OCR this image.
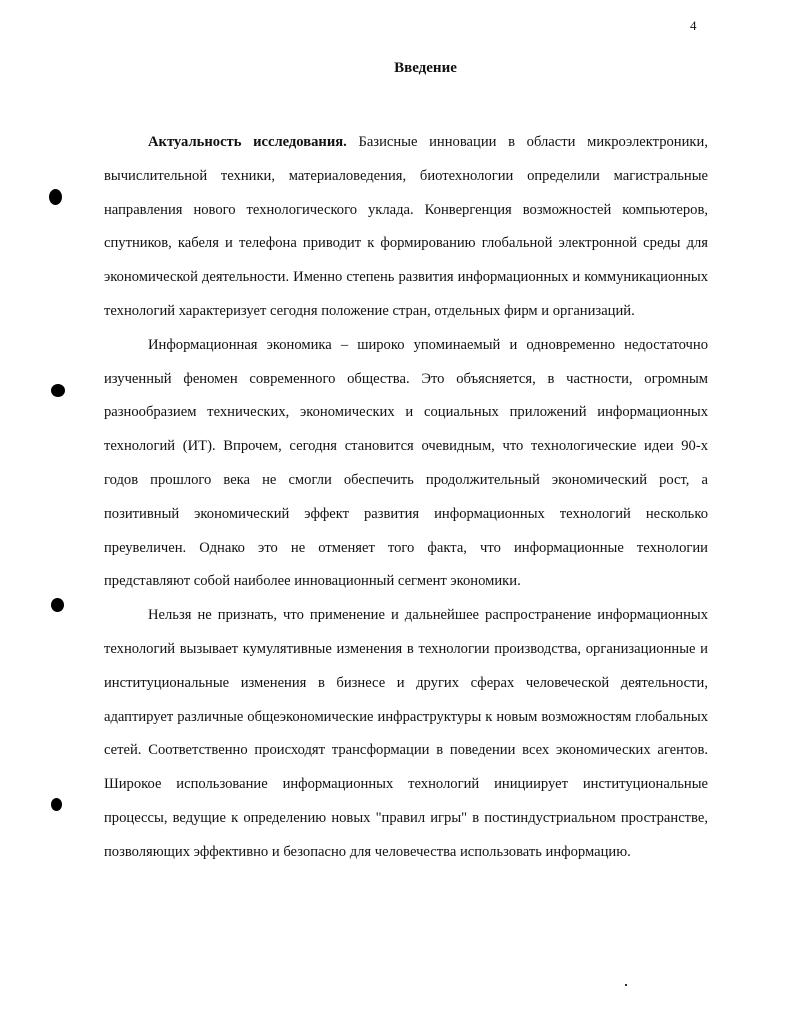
4
Введение

Актуальность исследования. Базисные инновации в области микроэлектроники, вычислительной техники, материаловедения, биотехнологии определили магистральные направления нового технологического уклада. Конвергенция возможностей компьютеров, спутников, кабеля и телефона приводит к формированию глобальной электронной среды для экономической деятельности. Именно степень развития информационных и коммуникационных технологий характеризует сегодня положение стран, отдельных фирм и организаций.

Информационная экономика – широко упоминаемый и одновременно недостаточно изученный феномен современного общества. Это объясняется, в частности, огромным разнообразием технических, экономических и социальных приложений информационных технологий (ИТ). Впрочем, сегодня становится очевидным, что технологические идеи 90-х годов прошлого века не смогли обеспечить продолжительный экономический рост, а позитивный экономический эффект развития информационных технологий несколько преувеличен. Однако это не отменяет того факта, что информационные технологии представляют собой наиболее инновационный сегмент экономики.

Нельзя не признать, что применение и дальнейшее распространение информационных технологий вызывает кумулятивные изменения в технологии производства, организационные и институциональные изменения в бизнесе и других сферах человеческой деятельности, адаптирует различные общеэкономические инфраструктуры к новым возможностям глобальных сетей. Соответственно происходят трансформации в поведении всех экономических агентов. Широкое использование информационных технологий инициирует институциональные процессы, ведущие к определению новых "правил игры" в постиндустриальном пространстве, позволяющих эффективно и безопасно для человечества использовать информацию.
